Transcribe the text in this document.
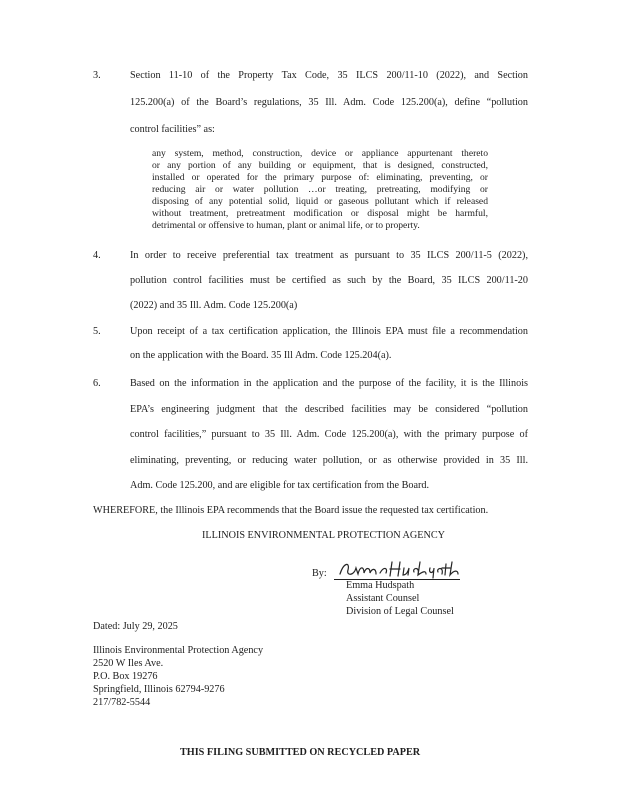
3.	Section 11-10 of the Property Tax Code, 35 ILCS 200/11-10 (2022), and Section
125.200(a) of the Board’s regulations, 35 Ill. Adm. Code 125.200(a), define “pollution
control facilities” as:
any system, method, construction, device or appliance appurtenant thereto
or any portion of any building or equipment, that is designed, constructed,
installed or operated for the primary purpose of: eliminating, preventing, or
reducing air or water pollution …or treating, pretreating, modifying or
disposing of any potential solid, liquid or gaseous pollutant which if released
without treatment, pretreatment modification or disposal might be harmful,
detrimental or offensive to human, plant or animal life, or to property.
4.	In order to receive preferential tax treatment as pursuant to 35 ILCS 200/11-5 (2022),
pollution control facilities must be certified as such by the Board, 35 ILCS 200/11-20
(2022) and 35 Ill. Adm. Code 125.200(a)
5.	Upon receipt of a tax certification application, the Illinois EPA must file a recommendation
on the application with the Board. 35 Ill Adm. Code 125.204(a).
6.	Based on the information in the application and the purpose of the facility, it is the Illinois
EPA’s engineering judgment that the described facilities may be considered “pollution
control facilities,” pursuant to 35 Ill. Adm. Code 125.200(a), with the primary purpose of
eliminating, preventing, or reducing water pollution, or as otherwise provided in 35 Ill.
Adm. Code 125.200, and are eligible for tax certification from the Board.
WHEREFORE, the Illinois EPA recommends that the Board issue the requested tax certification.
ILLINOIS ENVIRONMENTAL PROTECTION AGENCY
By:
Emma Hudspath
Assistant Counsel
Division of Legal Counsel
Dated: July 29, 2025
Illinois Environmental Protection Agency
2520 W Iles Ave.
P.O. Box 19276
Springfield, Illinois 62794-9276
217/782-5544
THIS FILING SUBMITTED ON RECYCLED PAPER
